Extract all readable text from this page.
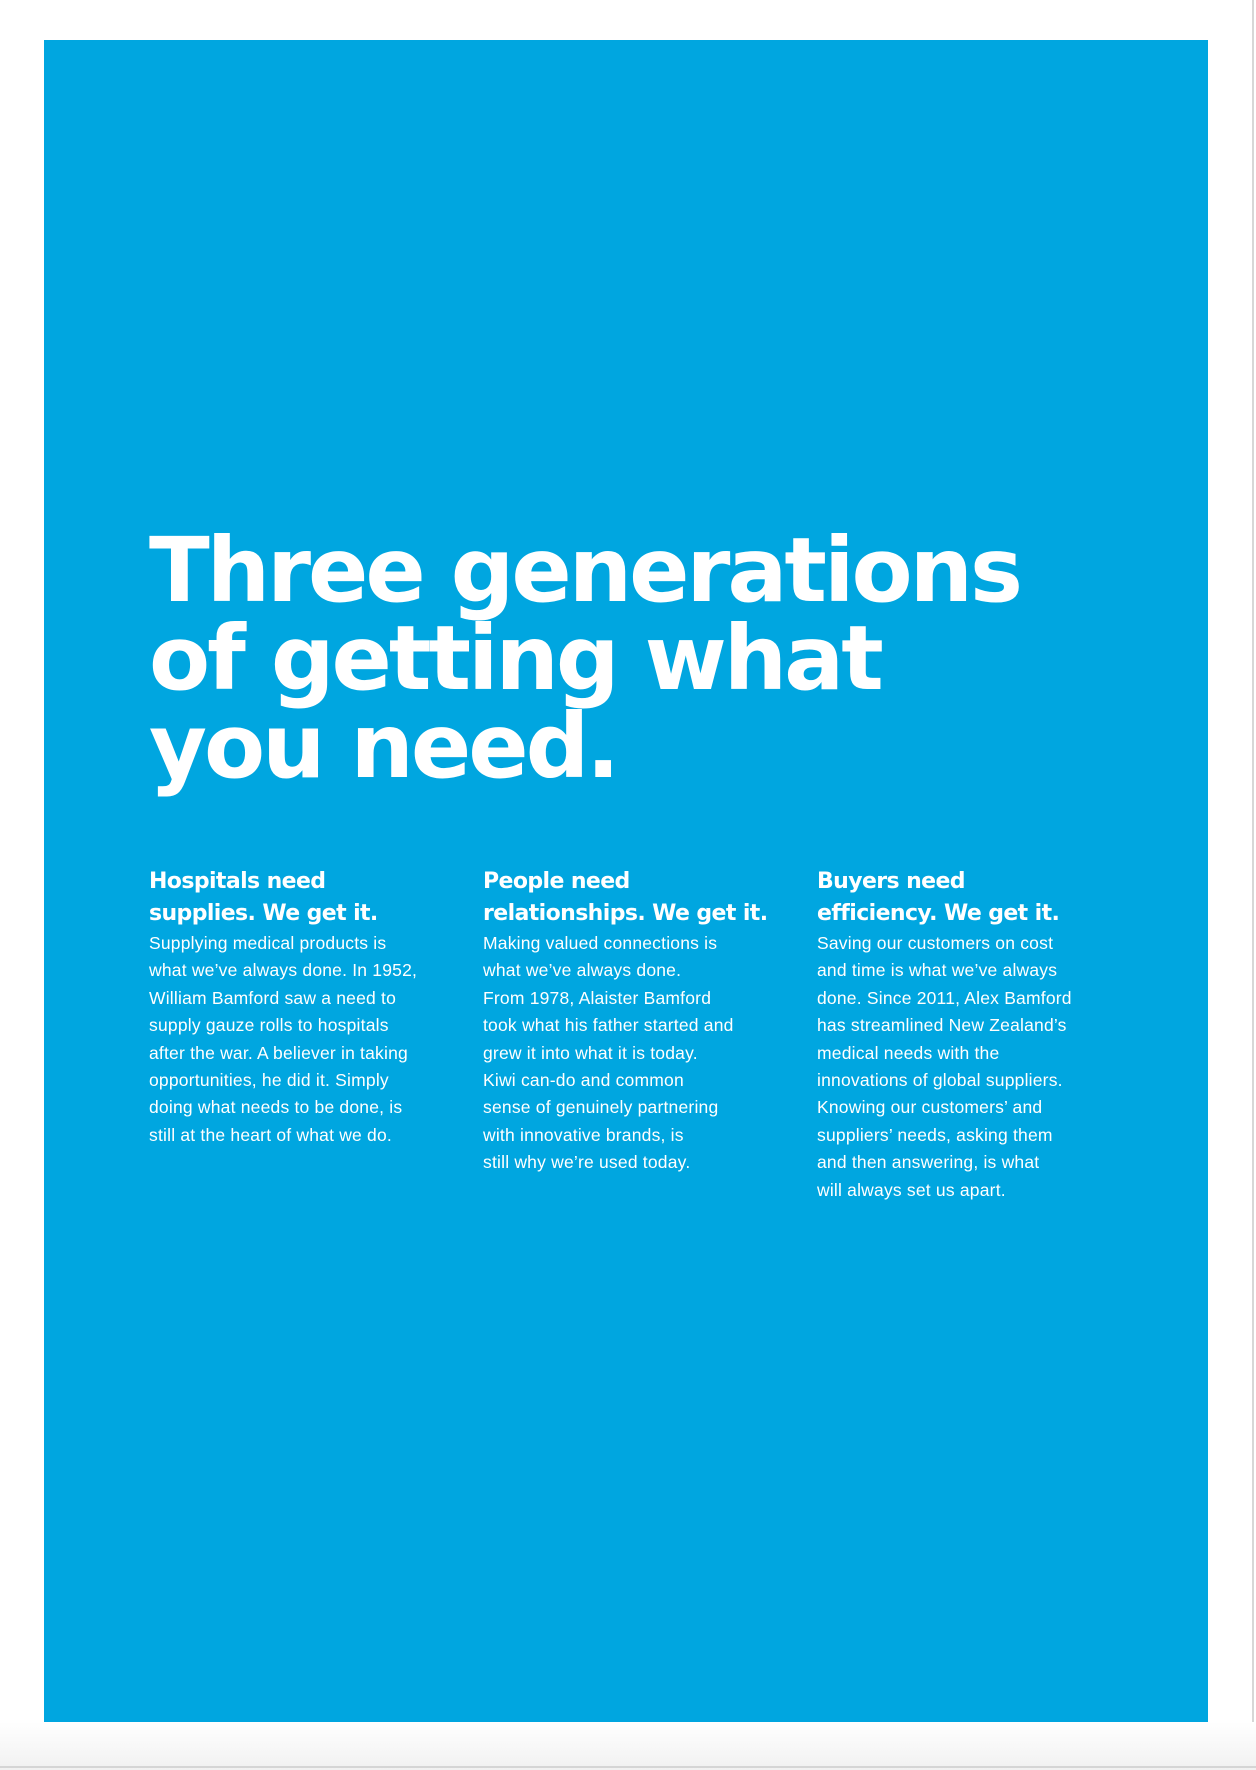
Three generations
of getting what
you need.
Hospitals need
supplies. We get it.

Supplying medical products is
what we’ve always done. In 1952,
William Bamford saw a need to
supply gauze rolls to hospitals
after the war. A believer in taking
opportunities, he did it. Simply
doing what needs to be done, is
still at the heart of what we do.

People need
relationships. We get it.

Making valued connections is
what we’ve always done.
From 1978, Alaister Bamford
took what his father started and
grew it into what it is today.
Kiwi can-do and common
sense of genuinely partnering
with innovative brands, is
still why we’re used today.

Buyers need
efficiency. We get it.

Saving our customers on cost
and time is what we’ve always
done. Since 2011, Alex Bamford
has streamlined New Zealand’s
medical needs with the
innovations of global suppliers.
Knowing our customers’ and
suppliers’ needs, asking them
and then answering, is what
will always set us apart.
